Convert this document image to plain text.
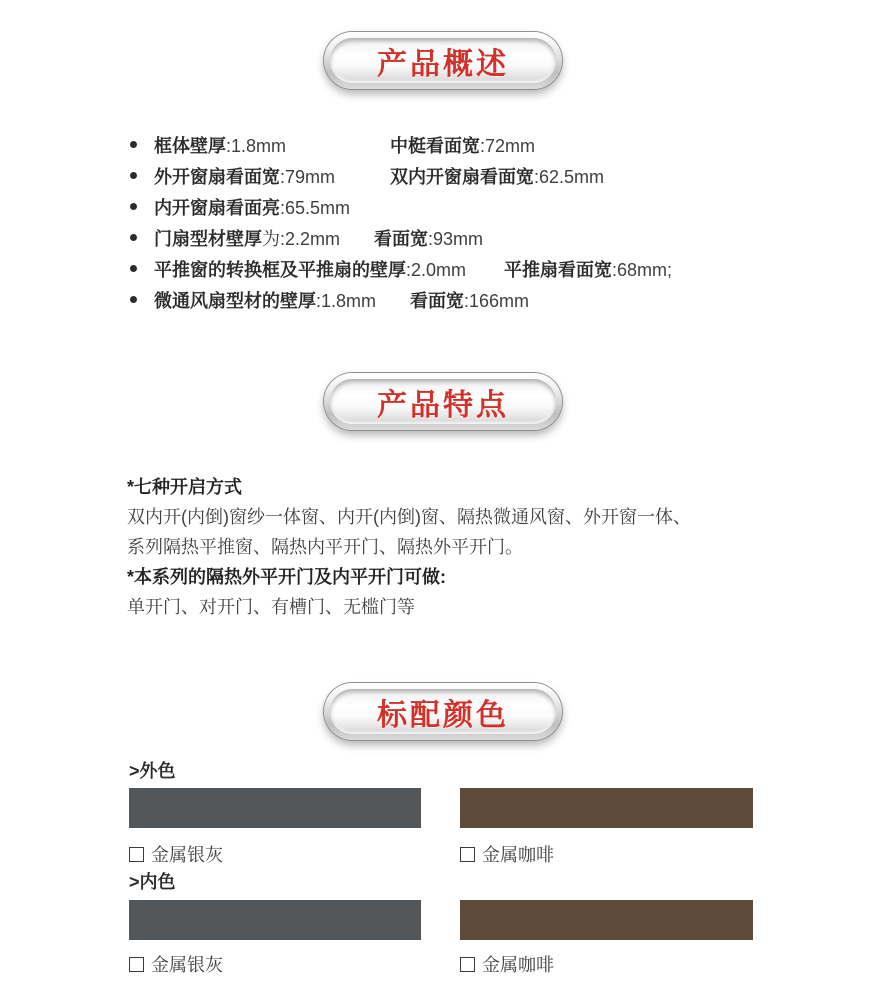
产品概述
框体壁厚:1.8mm	中梃看面宽:72mm
外开窗扇看面宽:79mm	双内开窗扇看面宽:62.5mm
内开窗扇看面亮:65.5mm
门扇型材壁厚为:2.2mm 看面宽:93mm
平推窗的转换框及平推扇的壁厚:2.0mm 平推扇看面宽:68mm;
微通风扇型材的壁厚:1.8mm 看面宽:166mm
产品特点
*七种开启方式
双内开(内倒)窗纱一体窗、内开(内倒)窗、隔热微通风窗、外开窗一体、
系列隔热平推窗、隔热内平开门、隔热外平开门。
*本系列的隔热外平开门及内平开门可做:
单开门、对开门、有槽门、无槛门等
标配颜色
>外色
金属银灰	金属咖啡
>内色
金属银灰	金属咖啡
